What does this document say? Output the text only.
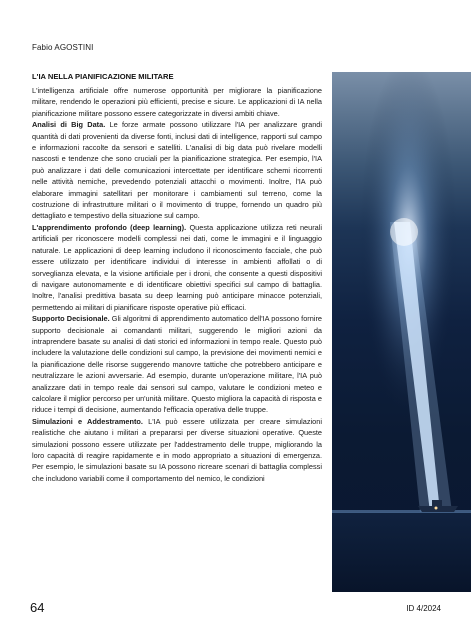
Fabio AGOSTINI
L'IA NELLA PIANIFICAZIONE MILITARE

L'intelligenza artificiale offre numerose opportunità per migliorare la pianificazione militare, rendendo le operazioni più efficienti, precise e sicure. Le applicazioni di IA nella pianificazione militare possono essere categorizzate in diversi ambiti chiave.

Analisi di Big Data. Le forze armate possono utilizzare l'IA per analizzare grandi quantità di dati provenienti da diverse fonti, inclusi dati di intelligence, rapporti sul campo e informazioni raccolte da sensori e satelliti. L'analisi di big data può rivelare modelli nascosti e tendenze che sono cruciali per la pianificazione strategica. Per esempio, l'IA può analizzare i dati delle comunicazioni intercettate per identificare schemi ricorrenti nelle attività nemiche, prevedendo potenziali attacchi o movimenti. Inoltre, l'IA può elaborare immagini satellitari per monitorare i cambiamenti sul terreno, come la costruzione di infrastrutture militari o il movimento di truppe, fornendo un quadro più dettagliato e tempestivo della situazione sul campo.

L'apprendimento profondo (deep learning). Questa applicazione utilizza reti neurali artificiali per riconoscere modelli complessi nei dati, come le immagini e il linguaggio naturale. Le applicazioni di deep learning includono il riconoscimento facciale, che può essere utilizzato per identificare individui di interesse in ambienti affollati o di sorveglianza elevata, e la visione artificiale per i droni, che consente a questi dispositivi di navigare autonomamente e di identificare obiettivi specifici sul campo di battaglia. Inoltre, l'analisi predittiva basata su deep learning può anticipare minacce potenziali, permettendo ai militari di pianificare risposte operative più efficaci.

Supporto Decisionale. Gli algoritmi di apprendimento automatico dell'IA possono fornire supporto decisionale ai comandanti militari, suggerendo le migliori azioni da intraprendere basate su analisi di dati storici ed informazioni in tempo reale. Questo può includere la valutazione delle condizioni sul campo, la previsione dei movimenti nemici e la pianificazione delle risorse suggerendo manovre tattiche che potrebbero anticipare e neutralizzare le azioni avversarie. Ad esempio, durante un'operazione militare, l'IA può analizzare dati in tempo reale dai sensori sul campo, valutare le condizioni meteo e calcolare il miglior percorso per un'unità militare. Questo migliora la capacità di risposta e riduce i tempi di decisione, aumentando l'efficacia operativa delle truppe.

Simulazioni e Addestramento. L'IA può essere utilizzata per creare simulazioni realistiche che aiutano i militari a prepararsi per diverse situazioni operative. Queste simulazioni possono essere utilizzate per l'addestramento delle truppe, migliorando la loro capacità di reagire rapidamente e in modo appropriato a situazioni di emergenza. Per esempio, le simulazioni basate su IA possono ricreare scenari di battaglia complessi che includono variabili come il comportamento del nemico, le condizioni

64	ID 4/2024
